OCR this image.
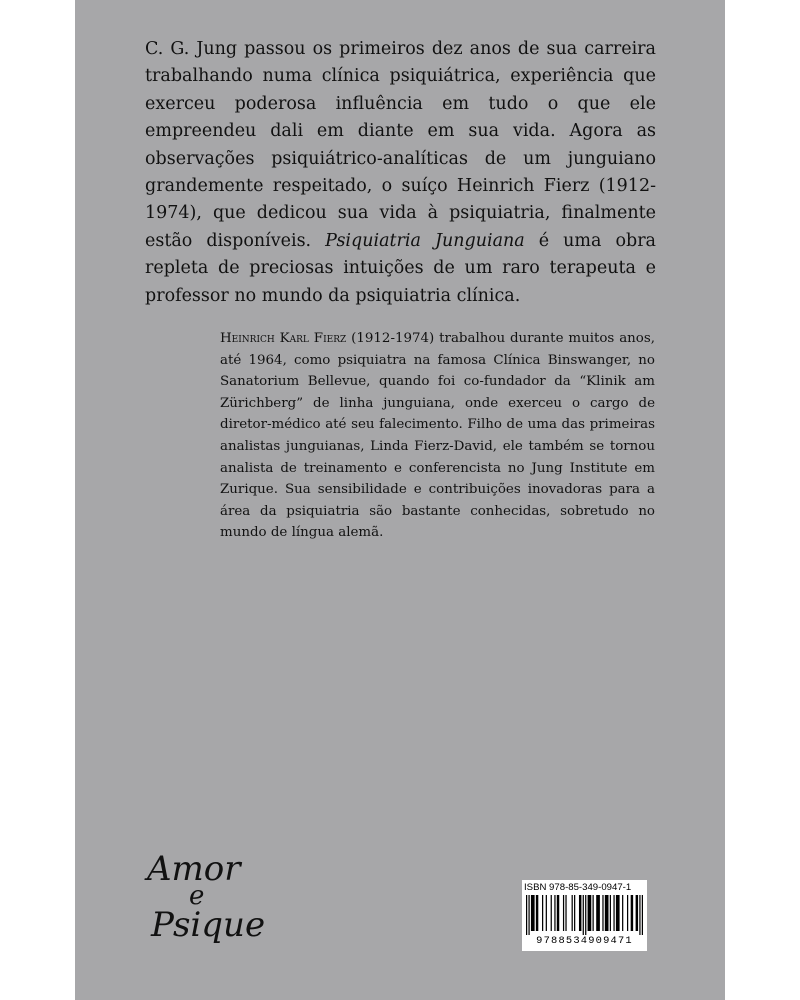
C. G. Jung passou os primeiros dez anos de sua carreira trabalhando numa clínica psiquiátrica, experiência que exerceu poderosa influência em tudo o que ele empreendeu dali em diante em sua vida. Agora as observações psiquiátrico-analíticas de um junguiano grandemente respeitado, o suíço Heinrich Fierz (1912-1974), que dedicou sua vida à psiquiatria, finalmente estão disponíveis. Psiquiatria Junguiana é uma obra repleta de preciosas intuições de um raro terapeuta e professor no mundo da psiquiatria clínica.

Heinrich Karl Fierz (1912-1974) trabalhou durante muitos anos, até 1964, como psiquiatra na famosa Clínica Binswanger, no Sanatorium Bellevue, quando foi co-fundador da “Klinik am Zürichberg” de linha junguiana, onde exerceu o cargo de diretor-médico até seu falecimento. Filho de uma das primeiras analistas junguianas, Linda Fierz-David, ele também se tornou analista de treinamento e conferencista no Jung Institute em Zurique. Sua sensibilidade e contribuições inovadoras para a área da psiquiatria são bastante conhecidas, sobretudo no mundo de língua alemã.

Amor
e
Psique
ISBN 978-85-349-0947-1
9788534909471
